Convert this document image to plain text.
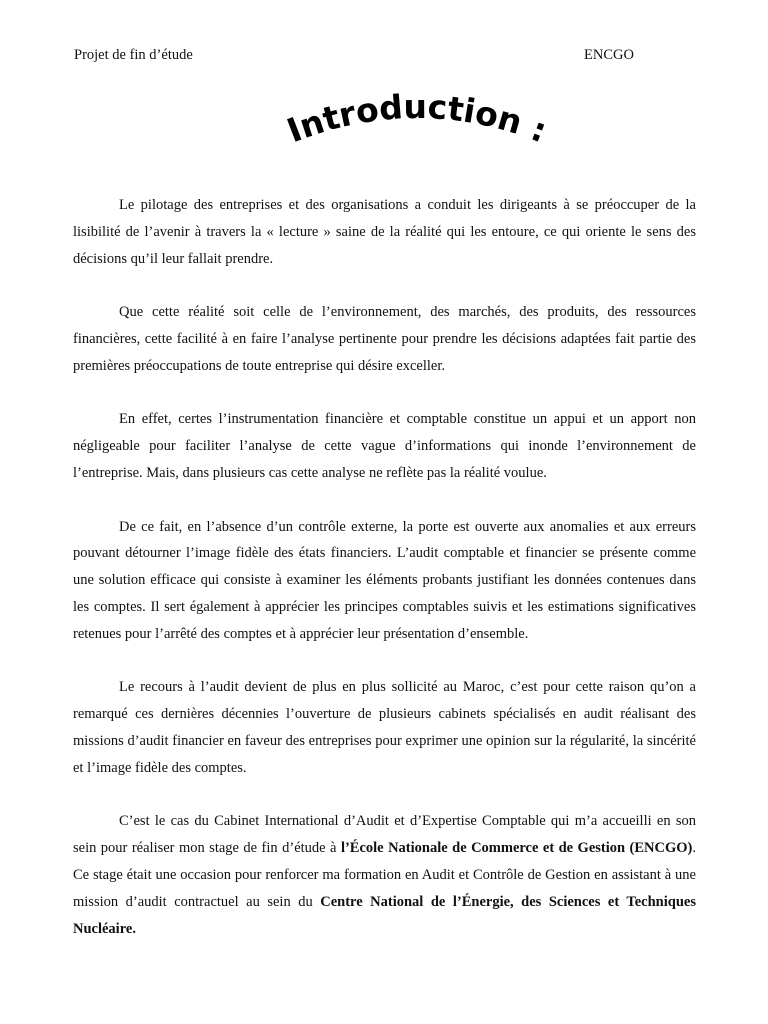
Projet de fin d’étude	ENCGO
Introduction :

Le pilotage des entreprises et des organisations a conduit les dirigeants à se préoccuper de la lisibilité de l’avenir à travers la « lecture » saine de la réalité qui les entoure, ce qui oriente le sens des décisions qu’il leur fallait prendre.

Que cette réalité soit celle de l’environnement, des marchés, des produits, des ressources financières, cette facilité à en faire l’analyse pertinente pour prendre les décisions adaptées fait partie des premières préoccupations de toute entreprise qui désire exceller.

En effet, certes l’instrumentation financière et comptable constitue un appui et un apport non négligeable pour faciliter l’analyse de cette vague d’informations qui inonde l’environnement de l’entreprise. Mais, dans plusieurs cas cette analyse ne reflète pas la réalité voulue.

De ce fait, en l’absence d’un contrôle externe, la porte est ouverte aux anomalies et aux erreurs pouvant détourner l’image fidèle des états financiers. L’audit comptable et financier se présente comme une solution efficace qui consiste à examiner les éléments probants justifiant les données contenues dans les comptes. Il sert également à apprécier les principes comptables suivis et les estimations significatives retenues pour l’arrêté des comptes et à apprécier leur présentation d’ensemble.

Le recours à l’audit devient de plus en plus sollicité au Maroc, c’est pour cette raison qu’on a remarqué ces dernières décennies l’ouverture de plusieurs cabinets spécialisés en audit réalisant des missions d’audit financier en faveur des entreprises pour exprimer une opinion sur la régularité, la sincérité et l’image fidèle des comptes.

C’est le cas du Cabinet International d’Audit et d’Expertise Comptable qui m’a accueilli en son sein pour réaliser mon stage de fin d’étude à l’École Nationale de Commerce et de Gestion (ENCGO). Ce stage était une occasion pour renforcer ma formation en Audit et Contrôle de Gestion en assistant à une mission d’audit contractuel au sein du Centre National de l’Énergie, des Sciences et Techniques Nucléaire.
